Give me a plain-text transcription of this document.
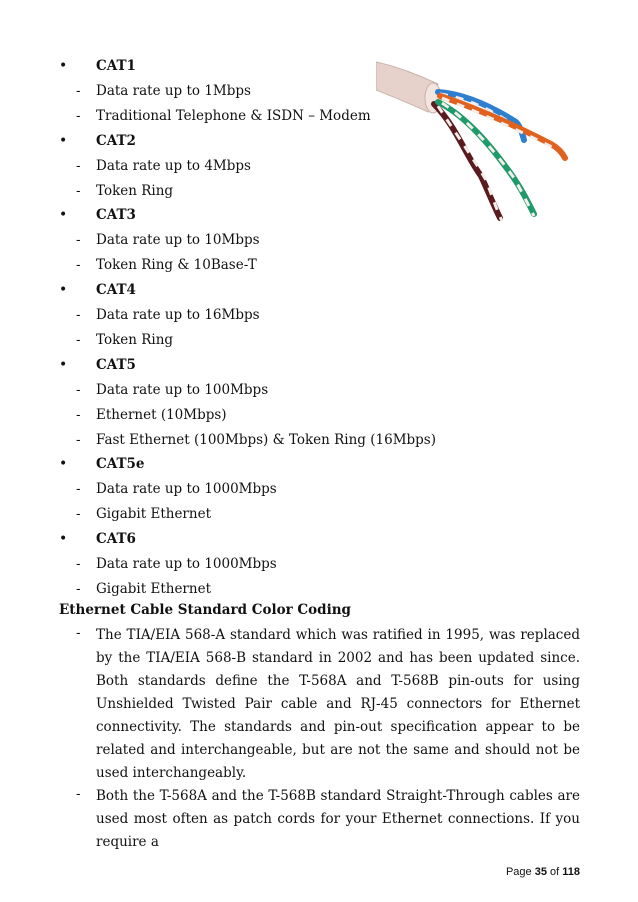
• CAT1
- Data rate up to 1Mbps
- Traditional Telephone & ISDN – Modem
• CAT2
- Data rate up to 4Mbps
- Token Ring
• CAT3
- Data rate up to 10Mbps
- Token Ring & 10Base-T
• CAT4
- Data rate up to 16Mbps
- Token Ring
• CAT5
- Data rate up to 100Mbps
- Ethernet (10Mbps)
- Fast Ethernet (100Mbps) & Token Ring (16Mbps)
• CAT5e
- Data rate up to 1000Mbps
- Gigabit Ethernet
• CAT6
- Data rate up to 1000Mbps
- Gigabit Ethernet
Ethernet Cable Standard Color Coding
- The TIA/EIA 568-A standard which was ratified in 1995, was replaced by the TIA/EIA 568-B standard in 2002 and has been updated since. Both standards define the T-568A and T-568B pin-outs for using Unshielded Twisted Pair cable and RJ-45 connectors for Ethernet connectivity. The standards and pin-out specification appear to be related and interchangeable, but are not the same and should not be used interchangeably.
- Both the T-568A and the T-568B standard Straight-Through cables are used most often as patch cords for your Ethernet connections. If you require a
Page 35 of 118
